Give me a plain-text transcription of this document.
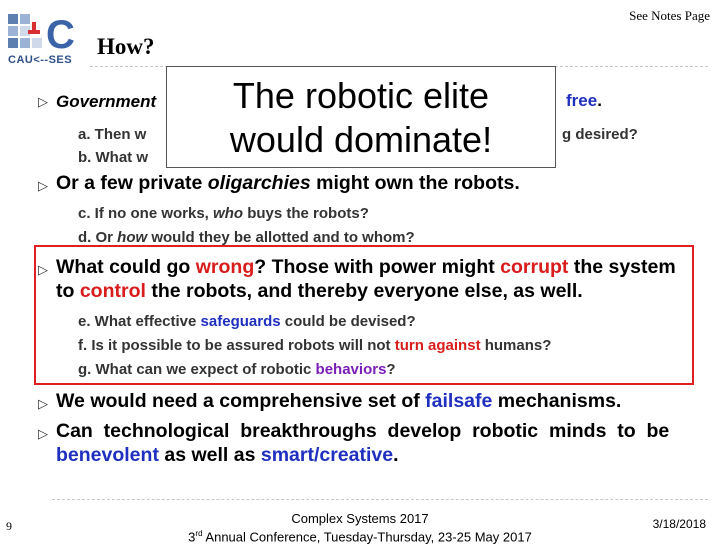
C
CAU<--SES
See Notes Page
How?
▷ Government	free.
a. Then w	g desired?
b. What w
The robotic elite
would dominate!
▷ Or a few private oligarchies might own the robots.
c. If no one works, who buys the robots?
d. Or how would they be allotted and to whom?
▷ What could go wrong? Those with power might corrupt the system
to control the robots, and thereby everyone else, as well.
e. What effective safeguards could be devised?
f. Is it possible to be assured robots will not turn against humans?
g. What can we expect of robotic behaviors?
▷ We would need a comprehensive set of failsafe mechanisms.
▷ Can  technological  breakthroughs  develop  robotic  minds  to  be
benevolent as well as smart/creative.
9	Complex Systems 2017
3rd Annual Conference, Tuesday-Thursday, 23-25 May 2017
3/18/2018
